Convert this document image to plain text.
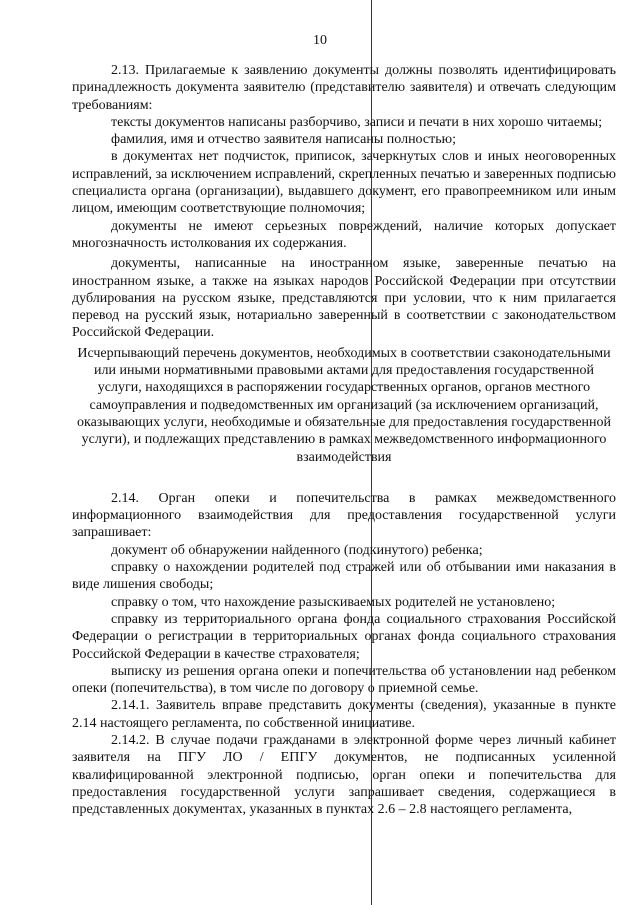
10

2.13. Прилагаемые к заявлению документы должны позволять идентифицировать принадлежность документа заявителю (представителю заявителя) и отвечать следующим требованиям:

тексты документов написаны разборчиво, записи и печати в них хорошо читаемы;

фамилия, имя и отчество заявителя написаны полностью;

в документах нет подчисток, приписок, зачеркнутых слов и иных неоговоренных исправлений, за исключением исправлений, скрепленных печатью и заверенных подписью специалиста органа (организации), выдавшего документ, его правопреемником или иным лицом, имеющим соответствующие полномочия;

документы не имеют серьезных повреждений, наличие которых допускает многозначность истолкования их содержания.

документы, написанные на иностранном языке, заверенные печатью на иностранном языке, а также на языках народов Российской Федерации при отсутствии дублирования на русском языке, представляются при условии, что к ним прилагается перевод на русский язык, нотариально заверенный в соответствии с законодательством Российской Федерации.

Исчерпывающий перечень документов, необходимых в соответствии сзаконодательными или иными нормативными правовыми актами для предоставления государственной услуги, находящихся в распоряжении государственных органов, органов местного самоуправления и подведомственных им организаций (за исключением организаций, оказывающих услуги, необходимые и обязательные для предоставления государственной услуги), и подлежащих представлению в рамках межведомственного информационного взаимодействия

2.14. Орган опеки и попечительства в рамках межведомственного информационного взаимодействия для предоставления государственной услуги запрашивает:

документ об обнаружении найденного (подкинутого) ребенка;

справку о нахождении родителей под стражей или об отбывании ими наказания в виде лишения свободы;

справку о том, что нахождение разыскиваемых родителей не установлено;

справку из территориального органа фонда социального страхования Российской Федерации о регистрации в территориальных органах фонда социального страхования Российской Федерации в качестве страхователя;

выписку из решения органа опеки и попечительства об установлении над ребенком опеки (попечительства), в том числе по договору о приемной семье.

2.14.1. Заявитель вправе представить документы (сведения), указанные в пункте 2.14 настоящего регламента, по собственной инициативе.

2.14.2. В случае подачи гражданами в электронной форме через личный кабинет заявителя на ПГУ ЛО / ЕПГУ документов, не подписанных усиленной квалифицированной электронной подписью, орган опеки и попечительства для предоставления государственной услуги запрашивает сведения, содержащиеся в представленных документах, указанных в пунктах 2.6 – 2.8 настоящего регламента,
